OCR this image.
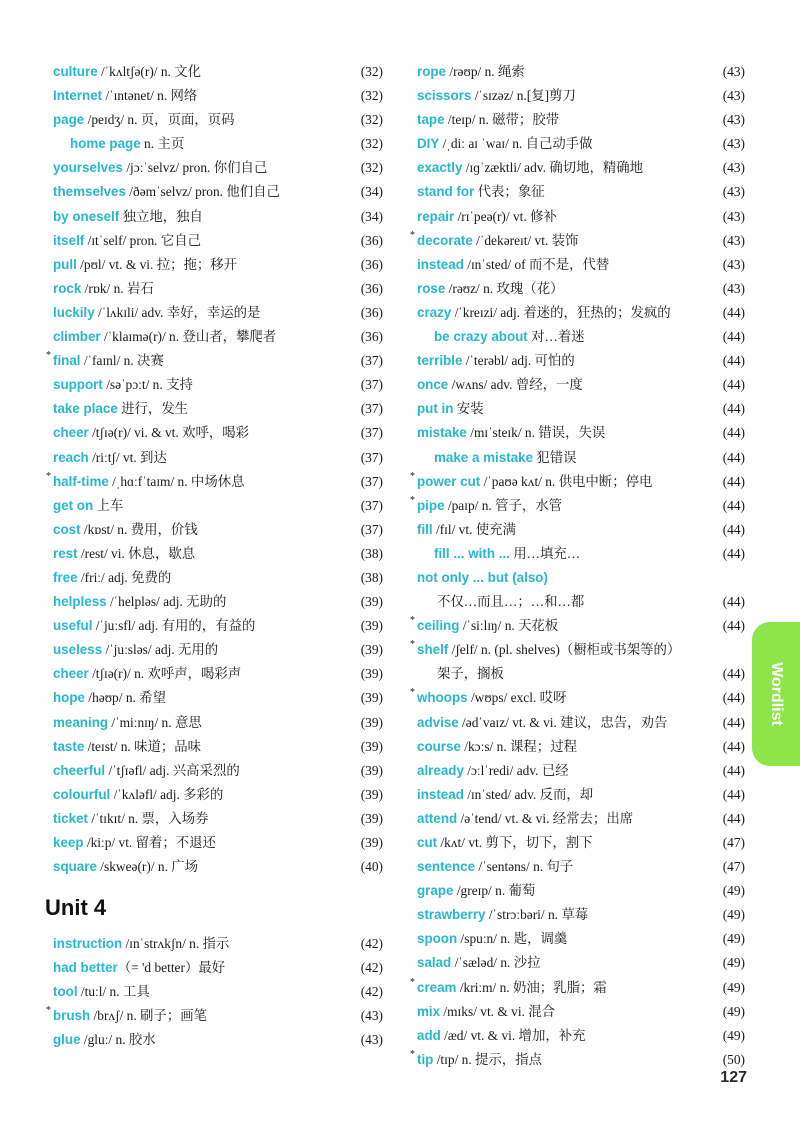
culture /ˈkʌltʃə(r)/ n. 文化	(32)
Internet /ˈɪntənet/ n. 网络	(32)
page /peɪdʒ/ n. 页，页面，页码	(32)
home page n. 主页	(32)
yourselves /jɔːˈselvz/ pron. 你们自己	(32)
themselves /ðəmˈselvz/ pron. 他们自己	(34)
by oneself 独立地，独自	(34)
itself /ɪtˈself/ pron. 它自己	(36)
pull /pʊl/ vt. & vi. 拉；拖；移开	(36)
rock /rɒk/ n. 岩石	(36)
luckily /ˈlʌkɪli/ adv. 幸好，幸运的是	(36)
climber /ˈklaɪmə(r)/ n. 登山者，攀爬者	(36)
* final /ˈfaɪnl/ n. 决赛	(37)
support /səˈpɔːt/ n. 支持	(37)
take place 进行，发生	(37)
cheer /tʃɪə(r)/ vi. & vt. 欢呼，喝彩	(37)
reach /riːtʃ/ vt. 到达	(37)
* half-time /ˌhɑːfˈtaɪm/ n. 中场休息	(37)
get on 上车	(37)
cost /kɒst/ n. 费用，价钱	(37)
rest /rest/ vi. 休息，歇息	(38)
free /friː/ adj. 免费的	(38)
helpless /ˈhelpləs/ adj. 无助的	(39)
useful /ˈjuːsfl/ adj. 有用的，有益的	(39)
useless /ˈjuːsləs/ adj. 无用的	(39)
cheer /tʃɪə(r)/ n. 欢呼声，喝彩声	(39)
hope /həʊp/ n. 希望	(39)
meaning /ˈmiːnɪŋ/ n. 意思	(39)
taste /teɪst/ n. 味道；品味	(39)
cheerful /ˈtʃɪəfl/ adj. 兴高采烈的	(39)
colourful /ˈkʌləfl/ adj. 多彩的	(39)
ticket /ˈtɪkɪt/ n. 票，入场券	(39)
keep /kiːp/ vt. 留着；不退还	(39)
square /skweə(r)/ n. 广场	(40)
Unit 4
instruction /ɪnˈstrʌkʃn/ n. 指示	(42)
had better（= 'd better）最好	(42)
tool /tuːl/ n. 工具	(42)
* brush /brʌʃ/ n. 刷子；画笔	(43)
glue /gluː/ n. 胶水	(43)
rope /rəʊp/ n. 绳索	(43)
scissors /ˈsɪzəz/ n.[复]剪刀	(43)
tape /teɪp/ n. 磁带；胶带	(43)
DIY /ˌdiː aɪ ˈwaɪ/ n. 自己动手做	(43)
exactly /ɪɡˈzæktli/ adv. 确切地，精确地	(43)
stand for 代表；象征	(43)
repair /rɪˈpeə(r)/ vt. 修补	(43)
* decorate /ˈdekəreɪt/ vt. 装饰	(43)
instead /ɪnˈsted/ of 而不是，代替	(43)
rose /rəʊz/ n. 玫瑰（花）	(43)
crazy /ˈkreɪzi/ adj. 着迷的，狂热的；发疯的	(44)
be crazy about 对…着迷	(44)
terrible /ˈterəbl/ adj. 可怕的	(44)
once /wʌns/ adv. 曾经，一度	(44)
put in 安装	(44)
mistake /mɪˈsteɪk/ n. 错误，失误	(44)
make a mistake 犯错误	(44)
* power cut /ˈpaʊə kʌt/ n. 供电中断；停电	(44)
* pipe /paɪp/ n. 管子，水管	(44)
fill /fɪl/ vt. 使充满	(44)
fill ... with ... 用…填充…	(44)
not only ... but (also)
不仅…而且…；…和…都	(44)
* ceiling /ˈsiːlɪŋ/ n. 天花板	(44)
* shelf /ʃelf/ n. (pl. shelves)（橱柜或书架等的）
架子，搁板	(44)
* whoops /wʊps/ excl. 哎呀	(44)
advise /ədˈvaɪz/ vt. & vi. 建议，忠告，劝告	(44)
course /kɔːs/ n. 课程；过程	(44)
already /ɔːlˈredi/ adv. 已经	(44)
instead /ɪnˈsted/ adv. 反而，却	(44)
attend /əˈtend/ vt. & vi. 经常去；出席	(44)
cut /kʌt/ vt. 剪下，切下，割下	(47)
sentence /ˈsentəns/ n. 句子	(47)
grape /greɪp/ n. 葡萄	(49)
strawberry /ˈstrɔːbəri/ n. 草莓	(49)
spoon /spuːn/ n. 匙，调羹	(49)
salad /ˈsæləd/ n. 沙拉	(49)
* cream /kriːm/ n. 奶油；乳脂；霜	(49)
mix /mɪks/ vt. & vi. 混合	(49)
add /æd/ vt. & vi. 增加，补充	(49)
* tip /tɪp/ n. 提示，指点	(50)
Wordlist
127
